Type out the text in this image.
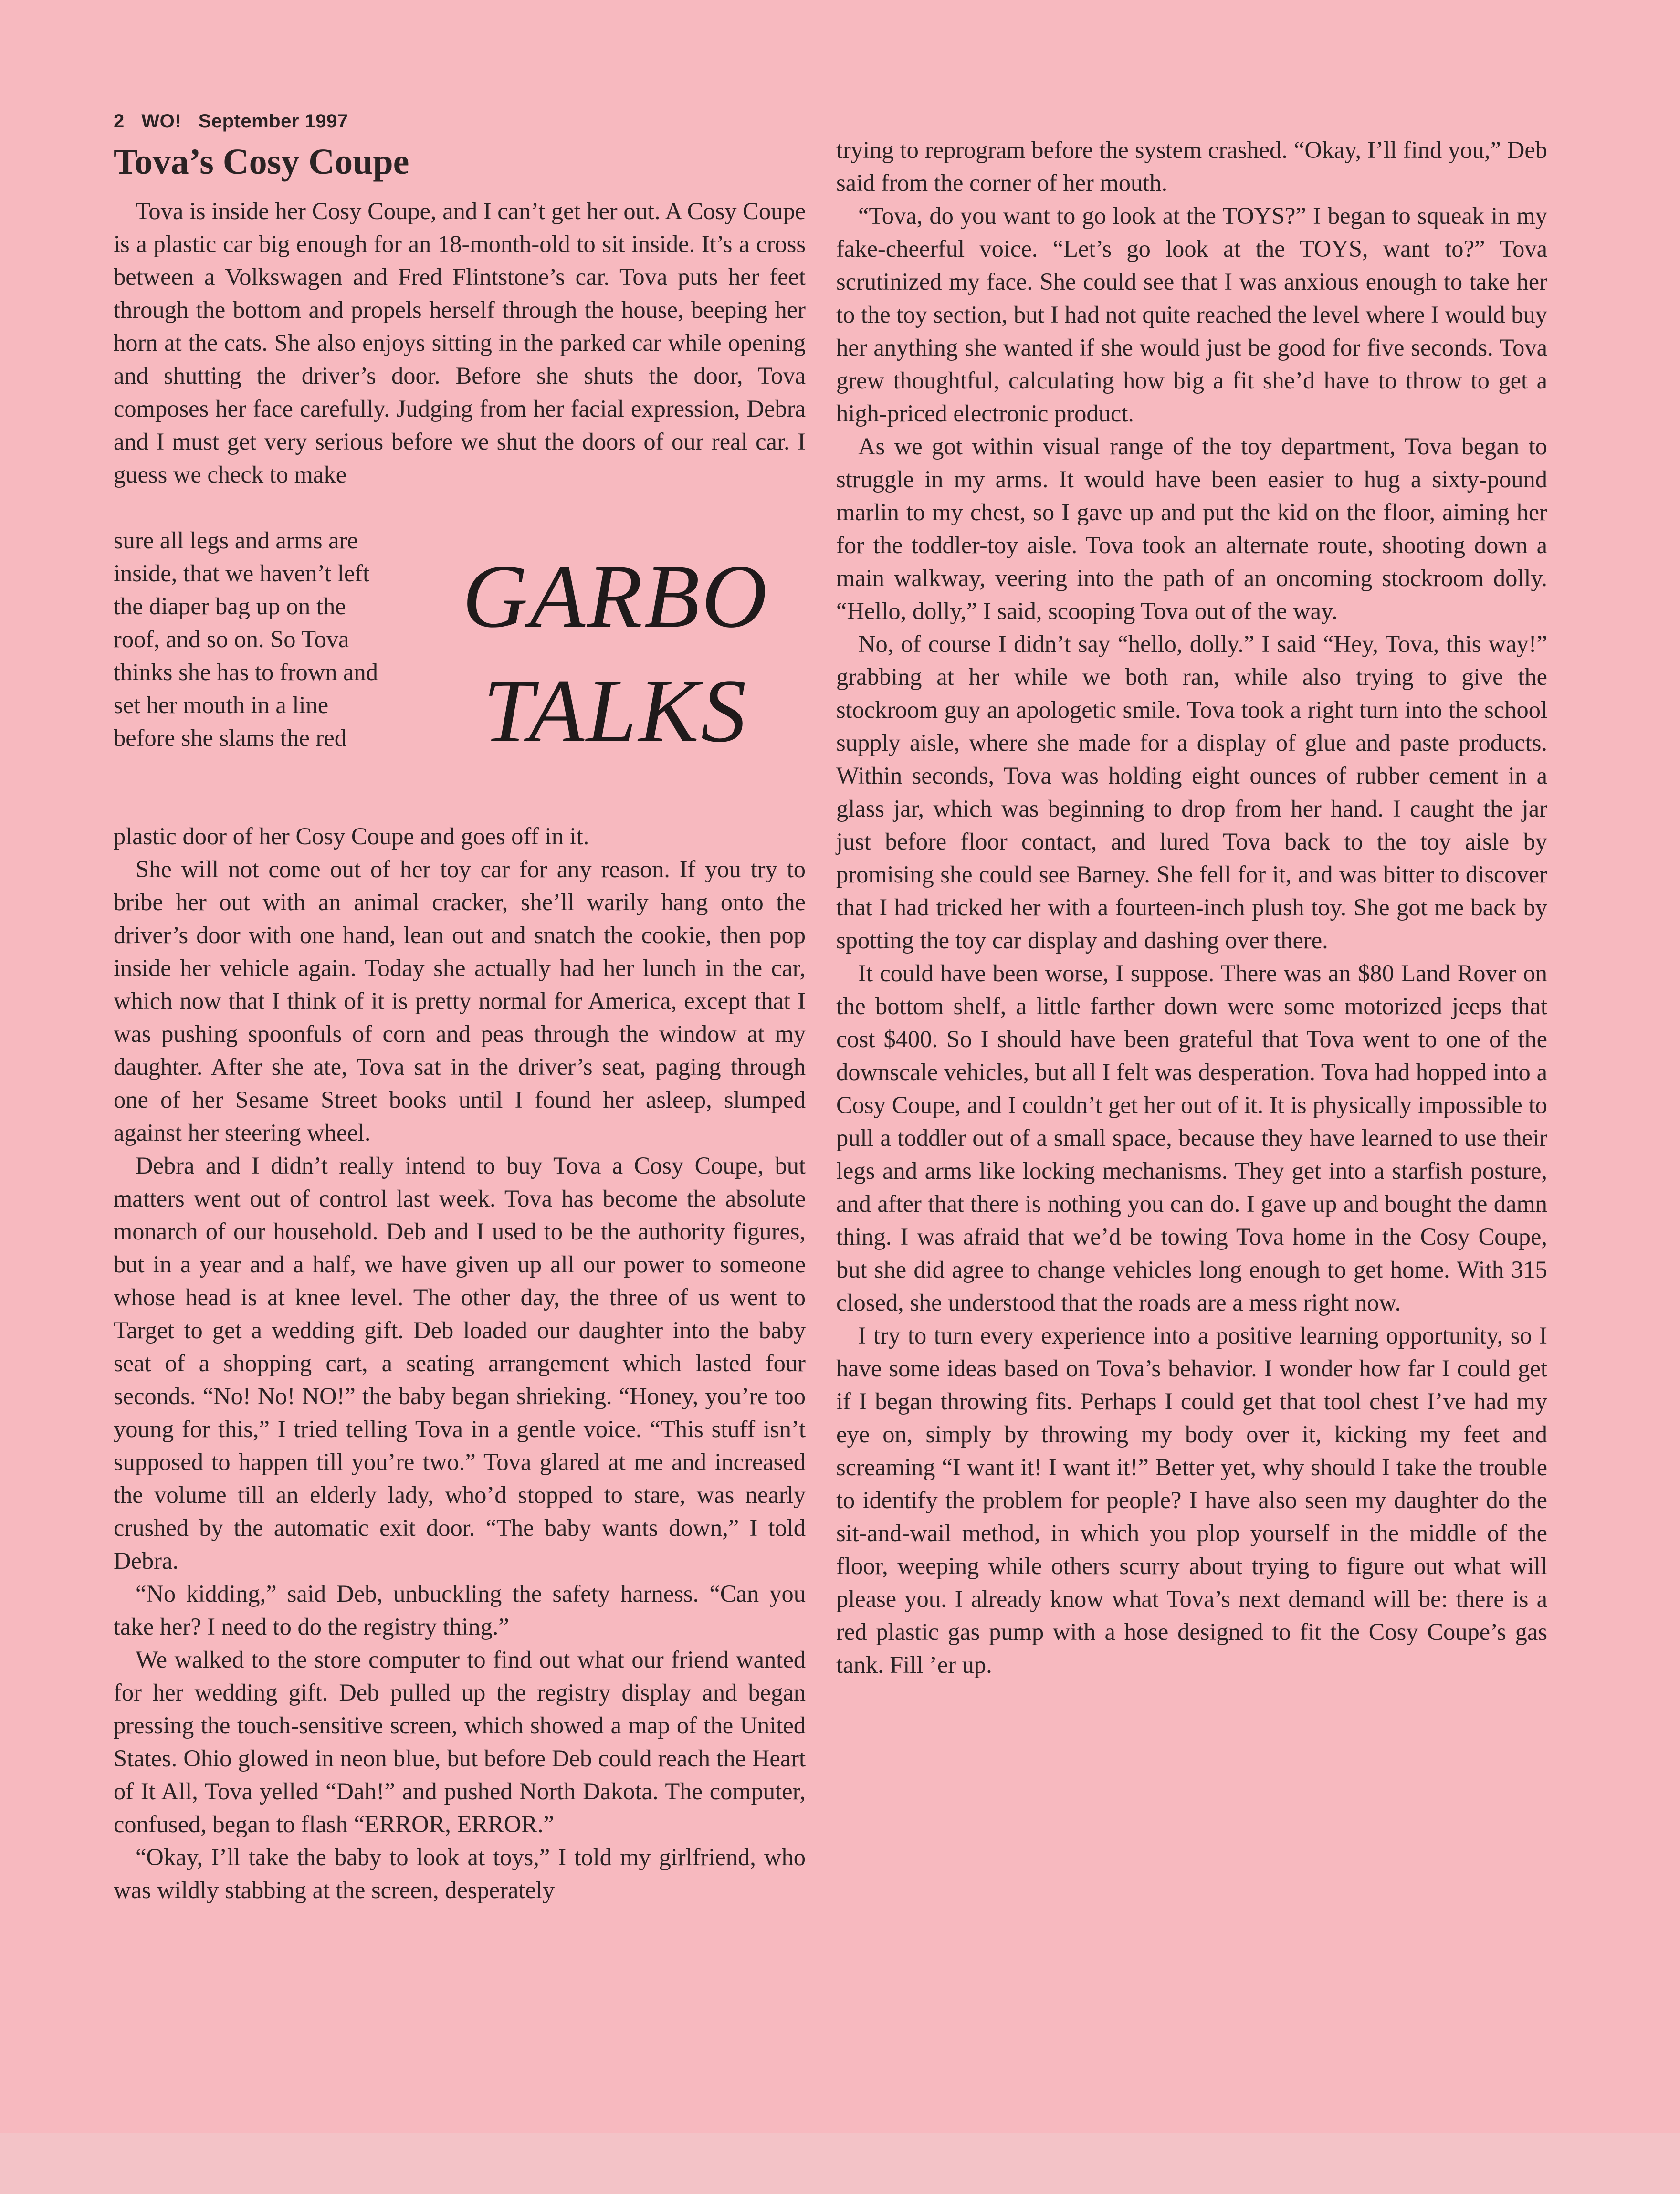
2 WO! September 1997
Tova’s Cosy Coupe

Tova is inside her Cosy Coupe, and I can’t get her out. A Cosy Coupe is a plastic car big enough for an 18-month-old to sit inside. It’s a cross between a Volkswagen and Fred Flintstone’s car. Tova puts her feet through the bottom and propels herself through the house, beeping her horn at the cats. She also enjoys sitting in the parked car while opening and shutting the driver’s door. Before she shuts the door, Tova composes her face carefully. Judging from her facial expression, Debra and I must get very serious before we shut the doors of our real car. I guess we check to make

sure all legs and arms are inside, that we haven’t left the diaper bag up on the roof, and so on. So Tova thinks she has to frown and set her mouth in a line before she slams the red

GARBO
TALKS

plastic door of her Cosy Coupe and goes off in it.

She will not come out of her toy car for any reason. If you try to bribe her out with an animal cracker, she’ll warily hang onto the driver’s door with one hand, lean out and snatch the cookie, then pop inside her vehicle again. Today she actually had her lunch in the car, which now that I think of it is pretty normal for America, except that I was pushing spoonfuls of corn and peas through the window at my daughter. After she ate, Tova sat in the driver’s seat, paging through one of her Sesame Street books until I found her asleep, slumped against her steering wheel.

Debra and I didn’t really intend to buy Tova a Cosy Coupe, but matters went out of control last week. Tova has become the absolute monarch of our household. Deb and I used to be the authority figures, but in a year and a half, we have given up all our power to someone whose head is at knee level. The other day, the three of us went to Target to get a wedding gift. Deb loaded our daughter into the baby seat of a shopping cart, a seating arrangement which lasted four seconds. “No! No! NO!” the baby began shrieking. “Honey, you’re too young for this,” I tried telling Tova in a gentle voice. “This stuff isn’t supposed to happen till you’re two.” Tova glared at me and increased the volume till an elderly lady, who’d stopped to stare, was nearly crushed by the automatic exit door. “The baby wants down,” I told Debra.

“No kidding,” said Deb, unbuckling the safety harness. “Can you take her? I need to do the registry thing.”

We walked to the store computer to find out what our friend wanted for her wedding gift. Deb pulled up the registry display and began pressing the touch-sensitive screen, which showed a map of the United States. Ohio glowed in neon blue, but before Deb could reach the Heart of It All, Tova yelled “Dah!” and pushed North Dakota. The computer, confused, began to flash “ERROR, ERROR.”

“Okay, I’ll take the baby to look at toys,” I told my girlfriend, who was wildly stabbing at the screen, desperately

trying to reprogram before the system crashed. “Okay, I’ll find you,” Deb said from the corner of her mouth.

“Tova, do you want to go look at the TOYS?” I began to squeak in my fake-cheerful voice. “Let’s go look at the TOYS, want to?” Tova scrutinized my face. She could see that I was anxious enough to take her to the toy section, but I had not quite reached the level where I would buy her anything she wanted if she would just be good for five seconds. Tova grew thoughtful, calculating how big a fit she’d have to throw to get a high-priced electronic product.

As we got within visual range of the toy department, Tova began to struggle in my arms. It would have been easier to hug a sixty-pound marlin to my chest, so I gave up and put the kid on the floor, aiming her for the toddler-toy aisle. Tova took an alternate route, shooting down a main walkway, veering into the path of an oncoming stockroom dolly. “Hello, dolly,” I said, scooping Tova out of the way.

No, of course I didn’t say “hello, dolly.” I said “Hey, Tova, this way!” grabbing at her while we both ran, while also trying to give the stockroom guy an apologetic smile. Tova took a right turn into the school supply aisle, where she made for a display of glue and paste products. Within seconds, Tova was holding eight ounces of rubber cement in a glass jar, which was beginning to drop from her hand. I caught the jar just before floor contact, and lured Tova back to the toy aisle by promising she could see Barney. She fell for it, and was bitter to discover that I had tricked her with a fourteen-inch plush toy. She got me back by spotting the toy car display and dashing over there.

It could have been worse, I suppose. There was an $80 Land Rover on the bottom shelf, a little farther down were some motorized jeeps that cost $400. So I should have been grateful that Tova went to one of the downscale vehicles, but all I felt was desperation. Tova had hopped into a Cosy Coupe, and I couldn’t get her out of it. It is physically impossible to pull a toddler out of a small space, because they have learned to use their legs and arms like locking mechanisms. They get into a starfish posture, and after that there is nothing you can do. I gave up and bought the damn thing. I was afraid that we’d be towing Tova home in the Cosy Coupe, but she did agree to change vehicles long enough to get home. With 315 closed, she understood that the roads are a mess right now.

I try to turn every experience into a positive learning opportunity, so I have some ideas based on Tova’s behavior. I wonder how far I could get if I began throwing fits. Perhaps I could get that tool chest I’ve had my eye on, simply by throwing my body over it, kicking my feet and screaming “I want it! I want it!” Better yet, why should I take the trouble to identify the problem for people? I have also seen my daughter do the sit-and-wail method, in which you plop yourself in the middle of the floor, weeping while others scurry about trying to figure out what will please you. I already know what Tova’s next demand will be: there is a red plastic gas pump with a hose designed to fit the Cosy Coupe’s gas tank. Fill ’er up.
